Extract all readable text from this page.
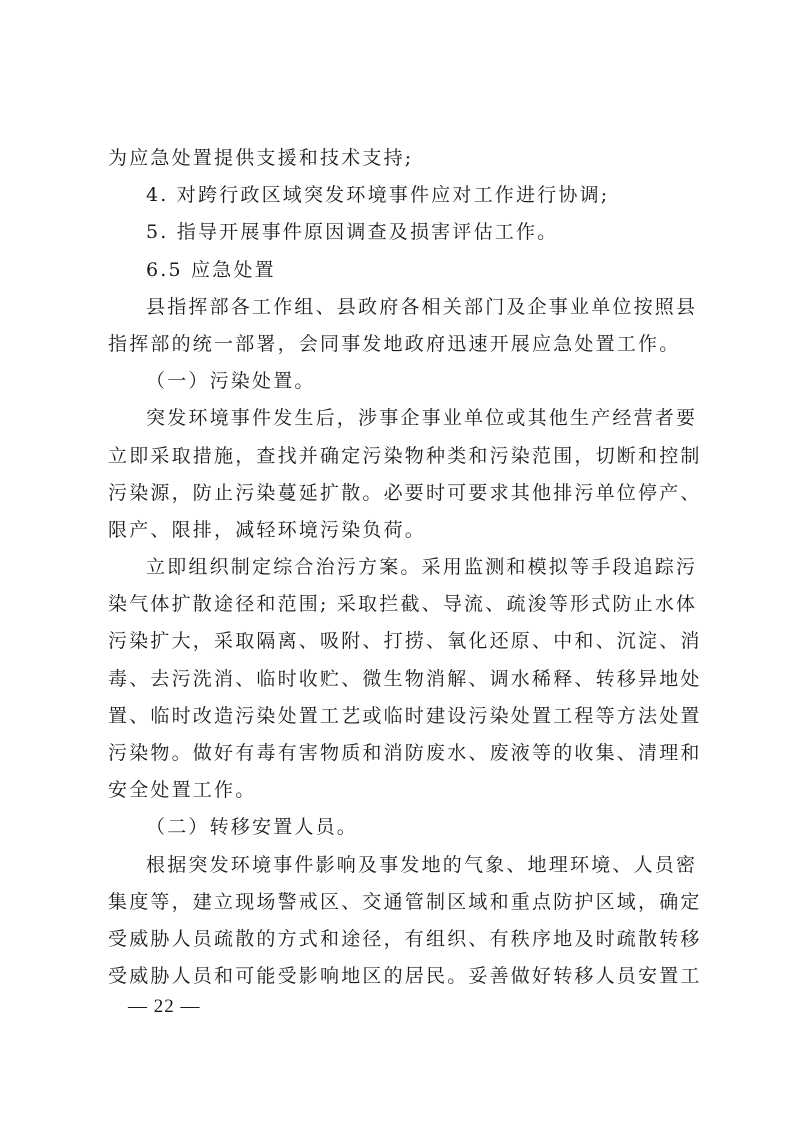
为应急处置提供支援和技术支持;
4. 对跨行政区域突发环境事件应对工作进行协调;
5. 指导开展事件原因调查及损害评估工作。
6.5 应急处置
县指挥部各工作组、县政府各相关部门及企事业单位按照县
指挥部的统一部署，会同事发地政府迅速开展应急处置工作。
（一）污染处置。
突发环境事件发生后，涉事企事业单位或其他生产经营者要
立即采取措施，查找并确定污染物种类和污染范围，切断和控制
污染源，防止污染蔓延扩散。必要时可要求其他排污单位停产、
限产、限排，减轻环境污染负荷。
立即组织制定综合治污方案。采用监测和模拟等手段追踪污
染气体扩散途径和范围; 采取拦截、导流、疏浚等形式防止水体
污染扩大，采取隔离、吸附、打捞、氧化还原、中和、沉淀、消
毒、去污洗消、临时收贮、微生物消解、调水稀释、转移异地处
置、临时改造污染处置工艺或临时建设污染处置工程等方法处置
污染物。做好有毒有害物质和消防废水、废液等的收集、清理和
安全处置工作。
（二）转移安置人员。
根据突发环境事件影响及事发地的气象、地理环境、人员密
集度等，建立现场警戒区、交通管制区域和重点防护区域，确定
受威胁人员疏散的方式和途径，有组织、有秩序地及时疏散转移
受威胁人员和可能受影响地区的居民。妥善做好转移人员安置工
— 22 —
